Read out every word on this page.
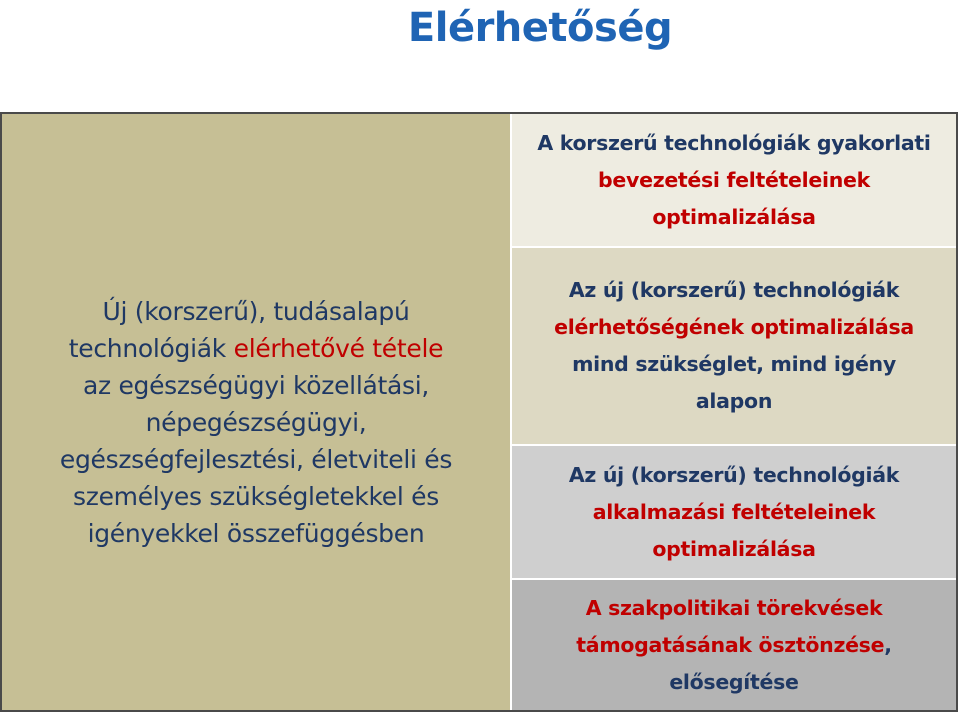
Elérhetőség
Új (korszerű), tudásalapú
technológiák elérhetővé tétele
az egészségügyi közellátási,
népegészségügyi,
egészségfejlesztési, életviteli és
személyes szükségletekkel és
igényekkel összefüggésben
A korszerű technológiák gyakorlati
bevezetési feltételeinek
optimalizálása
Az új (korszerű) technológiák
elérhetőségének optimalizálása
mind szükséglet, mind igény
alapon
Az új (korszerű) technológiák
alkalmazási feltételeinek
optimalizálása
A szakpolitikai törekvések
támogatásának ösztönzése,
elősegítése
